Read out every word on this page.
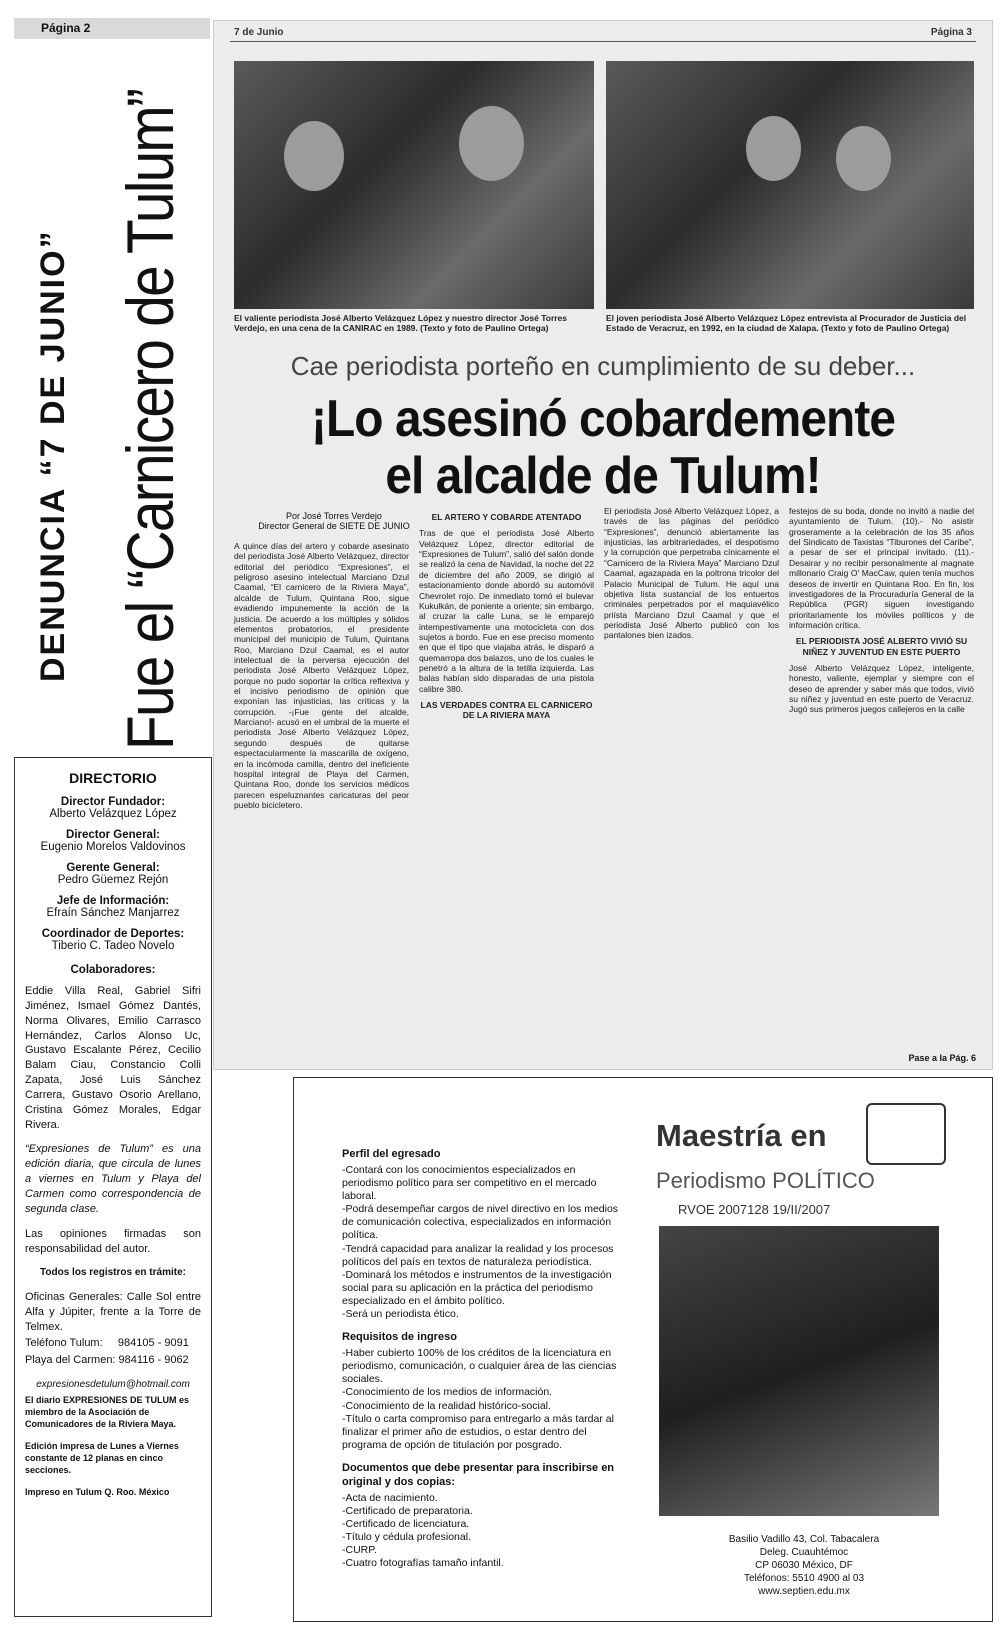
Página 2
DENUNCIA “7 DE JUNIO” Fue el “Carnicero de Tulum”
DIRECTORIO
Director Fundador:
Alberto Velázquez López
Director General:
Eugenio Morelos Valdovinos
Gerente General:
Pedro Güemez Rejón
Jefe de Información:
Efraín Sánchez Manjarrez
Coordinador de Deportes:
Tiberio C. Tadeo Novelo
Colaboradores:

Eddie Villa Real, Gabriel Sifri Jiménez, Ismael Gómez Dantés, Norma Olivares, Emilio Carrasco Hernández, Carlos Alonso Uc, Gustavo Escalante Pérez, Cecilio Balam Ciau, Constancio Colli Zapata, José Luis Sánchez Carrera, Gustavo Osorio Arellano, Cristina Gómez Morales, Edgar Rivera.

“Expresiones de Tulum” es una edición diaria, que circula de lunes a viernes en Tulum y Playa del Carmen como correspondencia de segunda clase.

Las opiniones firmadas son responsabilidad del autor.

Todos los registros en trámite:

Oficinas Generales: Calle Sol entre Alfa y Júpiter, frente a la Torre de Telmex.

Teléfono Tulum:     984105 - 9091

Playa del Carmen: 984116 - 9062

expresionesdetulum@hotmail.com

El diario EXPRESIONES DE TULUM es miembro de la Asociación de Comunicadores de la Riviera Maya.

Edición impresa de Lunes a Viernes constante de 12 planas en cinco secciones.

Impreso en Tulum Q. Roo. México

7 de Junio	Página 3
El valiente periodista José Alberto Velázquez López y nuestro director José Torres Verdejo, en una cena de la CANIRAC en 1989. (Texto y foto de Paulino Ortega)
El joven periodista José Alberto Velázquez López entrevista al Procurador de Justicia del Estado de Veracruz, en 1992, en la ciudad de Xalapa. (Texto y foto de Paulino Ortega)
Cae periodista porteño en cumplimiento de su deber...
¡Lo asesinó cobardemente
el alcalde de Tulum!
Por José Torres Verdejo
Director General de SIETE DE JUNIO
A quince días del artero y cobarde asesinato del periodista José Alberto Velázquez, director editorial del periódico “Expresiones”, el peligroso asesino intelectual Marciano Dzul Caamal, “El carnicero de la Riviera Maya”, alcalde de Tulum, Quintana Roo, sigue evadiendo impunemente la acción de la justicia. De acuerdo a los múltiples y sólidos elementos probatorios, el presidente municipal del municipio de Tulum, Quintana Roo, Marciano Dzul Caamal, es el autor intelectual de la perversa ejecución del periodista José Alberto Velázquez López, porque no pudo soportar la crítica reflexiva y el incisivo periodismo de opinión que exponían las injusticias, las críticas y la corrupción. -¡Fue gente del alcalde, Marciano!- acusó en el umbral de la muerte el periodista José Alberto Velázquez López, segundo después de quitarse espectacularmente la mascarilla de oxígeno, en la incómoda camilla, dentro del ineficiente hospital integral de Playa del Carmen, Quintana Roo, donde los servicios médicos parecen espeluznantes caricaturas del peor pueblo bicicletero.
EL ARTERO Y COBARDE ATENTADO
Tras de que el periodista José Alberto Velázquez López, director editorial de “Expresiones de Tulum”, salió del salón donde se realizó la cena de Navidad, la noche del 22 de diciembre del año 2009, se dirigió al estacionamiento donde abordó su automóvil Chevrolet rojo. De inmediato tomó el bulevar Kukulkán, de poniente a oriente; sin embargo, al cruzar la calle Luna, se le emparejó intempestivamente una motocicleta con dos sujetos a bordo. Fue en ese preciso momento en que el tipo que viajaba atrás, le disparó a quemarropa dos balazos, uno de los cuales le penetró a la altura de la tetilla izquierda. Las balas habían sido disparadas de una pistola calibre 380.
LAS VERDADES CONTRA EL CARNICERO DE LA RIVIERA MAYA
El periodista José Alberto Velázquez López, a través de las páginas del periódico “Expresiones”, denunció abiertamente las injusticias, las arbitrariedades, el despotismo y la corrupción que perpetraba cínicamente el “Carnicero de la Riviera Maya” Marciano Dzul Caamal, agazapada en la poltrona tricolor del Palacio Municipal de Tulum. He aquí una objetiva lista sustancial de los entuertos criminales perpetrados por el maquiavélico priísta Marciano Dzul Caamal y que el periodista José Alberto publicó con los pantalones bien izados.
festejos de su boda, donde no invitó a nadie del ayuntamiento de Tulum. (10).- No asistir groseramente a la celebración de los 35 años del Sindicato de Taxistas “Tiburones del Caribe”, a pesar de ser el principal invitado. (11).- Desairar y no recibir personalmente al magnate millonario Craig O' MacCaw, quien tenía muchos deseos de invertir en Quintana Roo. En fin, los investigadores de la Procuraduría General de la República (PGR) siguen investigando prioritariamente los móviles políticos y de información crítica.
EL PERIODISTA JOSÉ ALBERTO VIVIÓ SU NIÑEZ Y JUVENTUD EN ESTE PUERTO
José Alberto Velázquez López, inteligente, honesto, valiente, ejemplar y siempre con el deseo de aprender y saber más que todos, vivió su niñez y juventud en este puerto de Veracruz. Jugó sus primeros juegos callejeros en la calle
Pase a la Pág. 6
Perfil del egresado

-Contará con los conocimientos especializados en periodismo político para ser competitivo en el mercado laboral.

-Podrá desempeñar cargos de nivel directivo en los medios de comunicación colectiva, especializados en información política.

-Tendrá capacidad para analizar la realidad y los procesos políticos del país en textos de naturaleza periodística.

-Dominará los métodos e instrumentos de la investigación social para su aplicación en la práctica del periodismo especializado en el ámbito político.

-Será un periodista ético.

Requisitos de ingreso

-Haber cubierto 100% de los créditos de la licenciatura en periodismo, comunicación, o cualquier área de las ciencias sociales.

-Conocimiento de los medios de información.

-Conocimiento de la realidad histórico-social.

-Título o carta compromiso para entregarlo a más tardar al finalizar el primer año de estudios, o estar dentro del programa de opción de titulación por posgrado.

Documentos que debe presentar para inscribirse en original y dos copias:

-Acta de nacimiento.

-Certificado de preparatoria.

-Certificado de licenciatura.

-Título y cédula profesional.

-CURP.

-Cuatro fotografías tamaño infantil.

Maestría en
Periodismo POLÍTICO
RVOE 2007128 19/II/2007
Basilio Vadillo 43, Col. Tabacalera
Deleg. Cuauhtémoc
CP 06030 México, DF
Teléfonos: 5510 4900 al 03
www.septien.edu.mx
